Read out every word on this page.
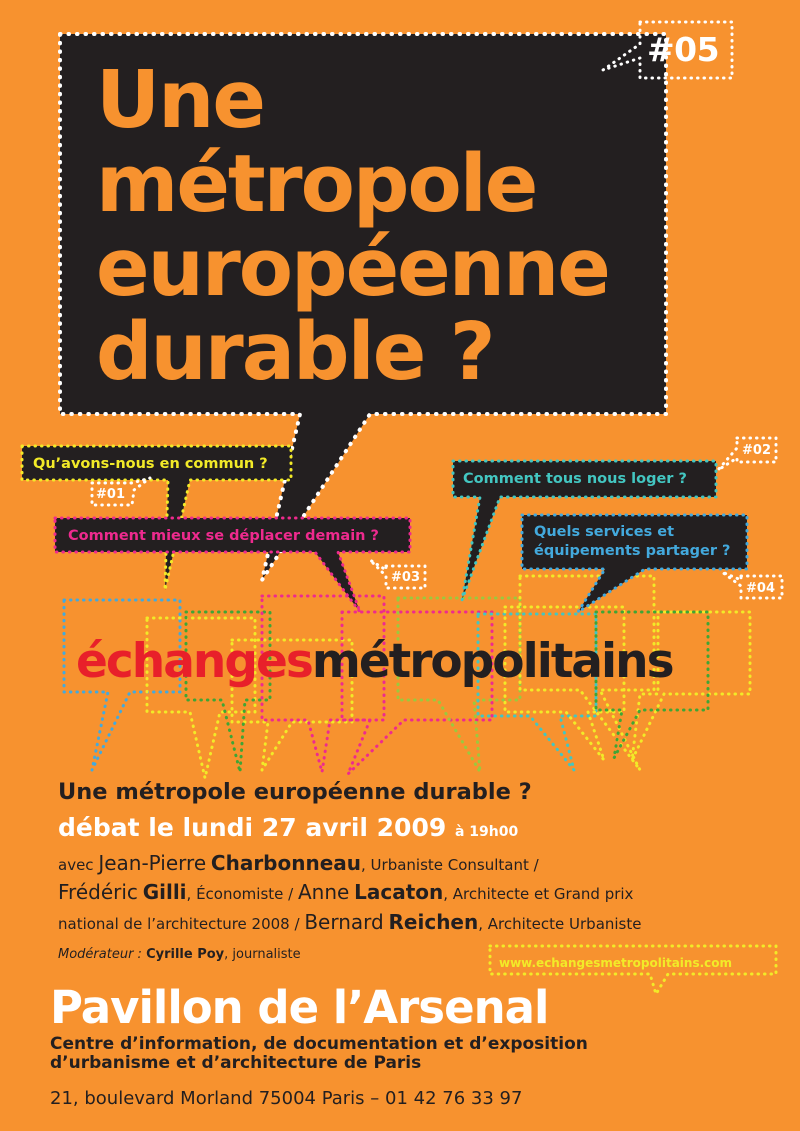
#05
Une
métropole
européenne
durable ?
Qu’avons-nous en commun ?
Comment tous nous loger ?
Comment mieux se déplacer demain ?	Quels services et
équipements partager ?
#01
#02
#03
#04
échangesmétropolitains
Une métropole européenne durable ?
débat le lundi 27 avril 2009 à 19h00
avec Jean-Pierre Charbonneau, Urbaniste Consultant /
Frédéric Gilli, Économiste / Anne Lacaton, Architecte et Grand prix
national de l’architecture 2008 / Bernard Reichen, Architecte Urbaniste
Modérateur : Cyrille Poy, journaliste
www.echangesmetropolitains.com
Pavillon de l’Arsenal
Centre d’information, de documentation et d’exposition
d’urbanisme et d’architecture de Paris
21, boulevard Morland 75004 Paris – 01 42 76 33 97
